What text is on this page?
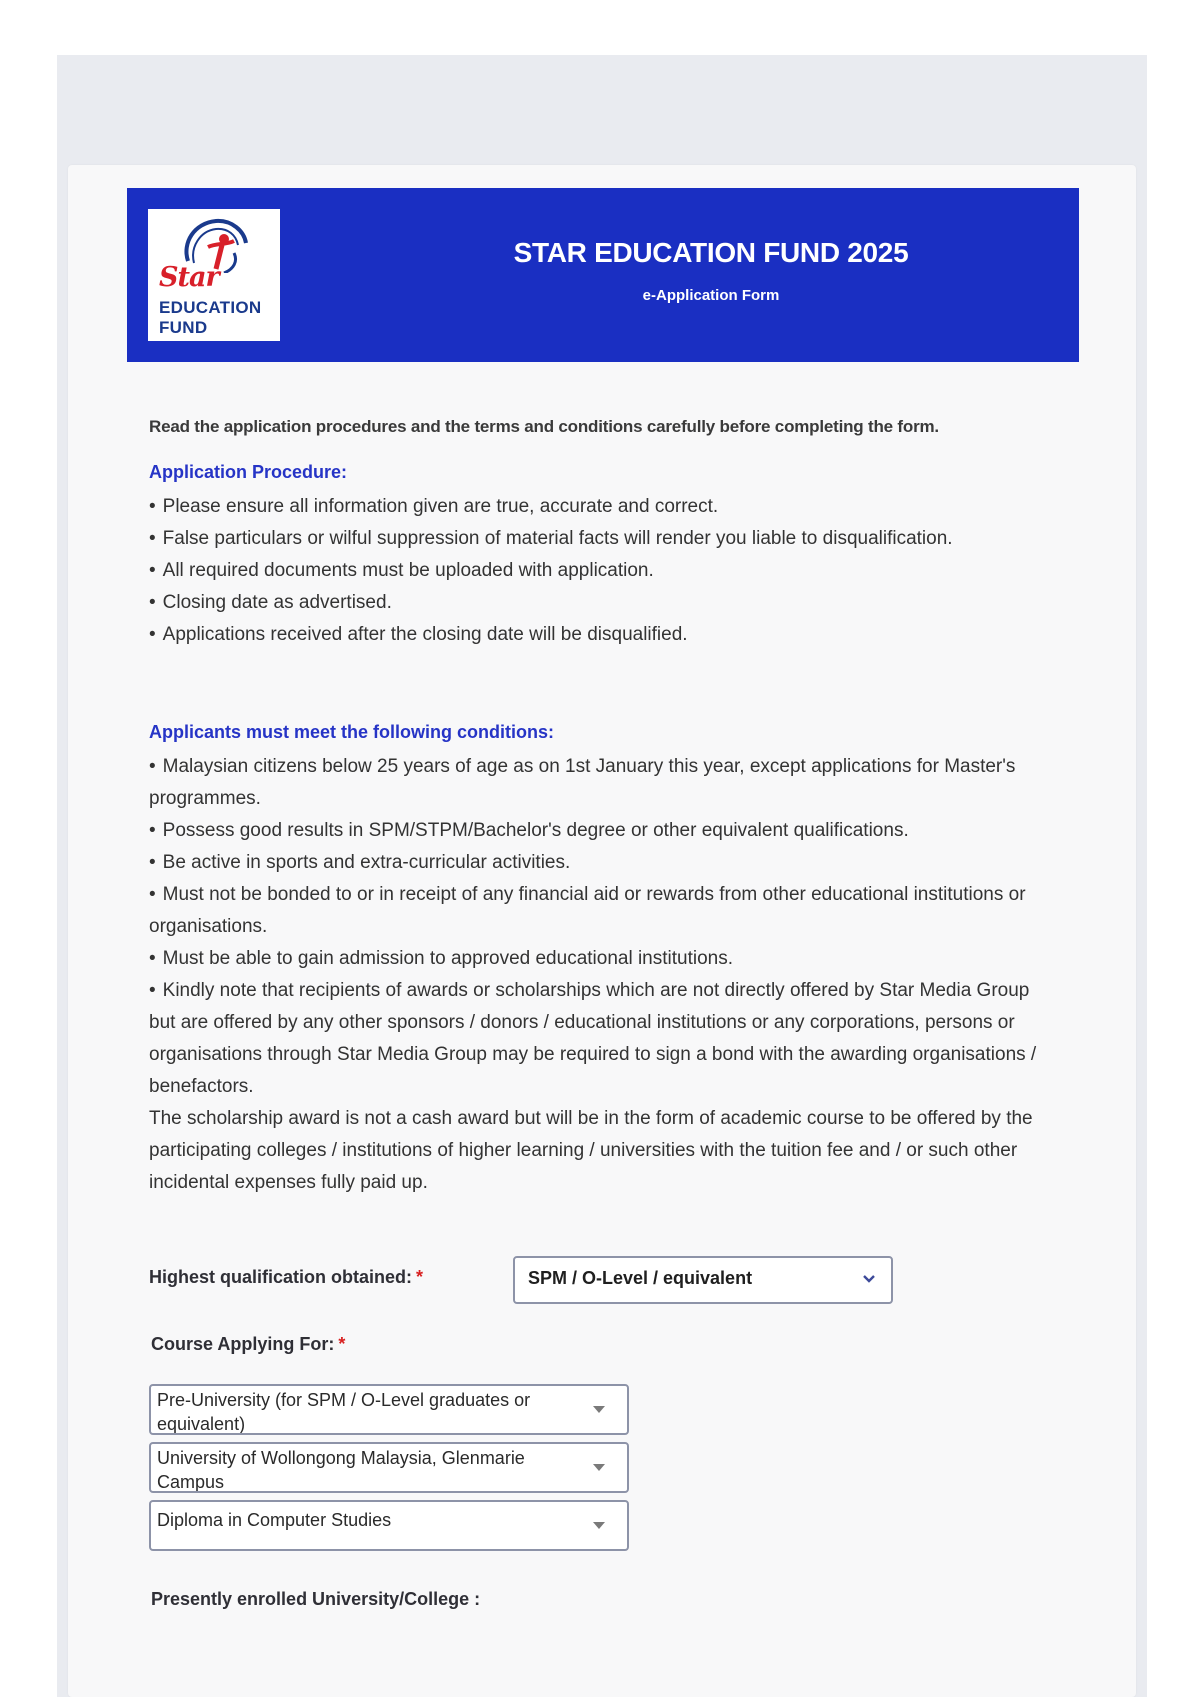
Star
EDUCATION
FUND
STAR EDUCATION FUND 2025
e-Application Form
Read the application procedures and the terms and conditions carefully before completing the form.
Application Procedure:

• Please ensure all information given are true, accurate and correct.

• False particulars or wilful suppression of material facts will render you liable to disqualification.

• All required documents must be uploaded with application.

• Closing date as advertised.

• Applications received after the closing date will be disqualified.

Applicants must meet the following conditions:

• Malaysian citizens below 25 years of age as on 1st January this year, except applications for Master's programmes.

• Possess good results in SPM/STPM/Bachelor's degree or other equivalent qualifications.

• Be active in sports and extra-curricular activities.

• Must not be bonded to or in receipt of any financial aid or rewards from other educational institutions or organisations.

• Must be able to gain admission to approved educational institutions.

• Kindly note that recipients of awards or scholarships which are not directly offered by Star Media Group but are offered by any other sponsors / donors / educational institutions or any corporations, persons or organisations through Star Media Group may be required to sign a bond with the awarding organisations / benefactors.

The scholarship award is not a cash award but will be in the form of academic course to be offered by the participating colleges / institutions of higher learning / universities with the tuition fee and / or such other incidental expenses fully paid up.

Highest qualification obtained: *	SPM / O-Level / equivalent
Course Applying For: *
Pre-University (for SPM / O-Level graduates or equivalent)
University of Wollongong Malaysia, Glenmarie Campus
Diploma in Computer Studies
Presently enrolled University/College :
